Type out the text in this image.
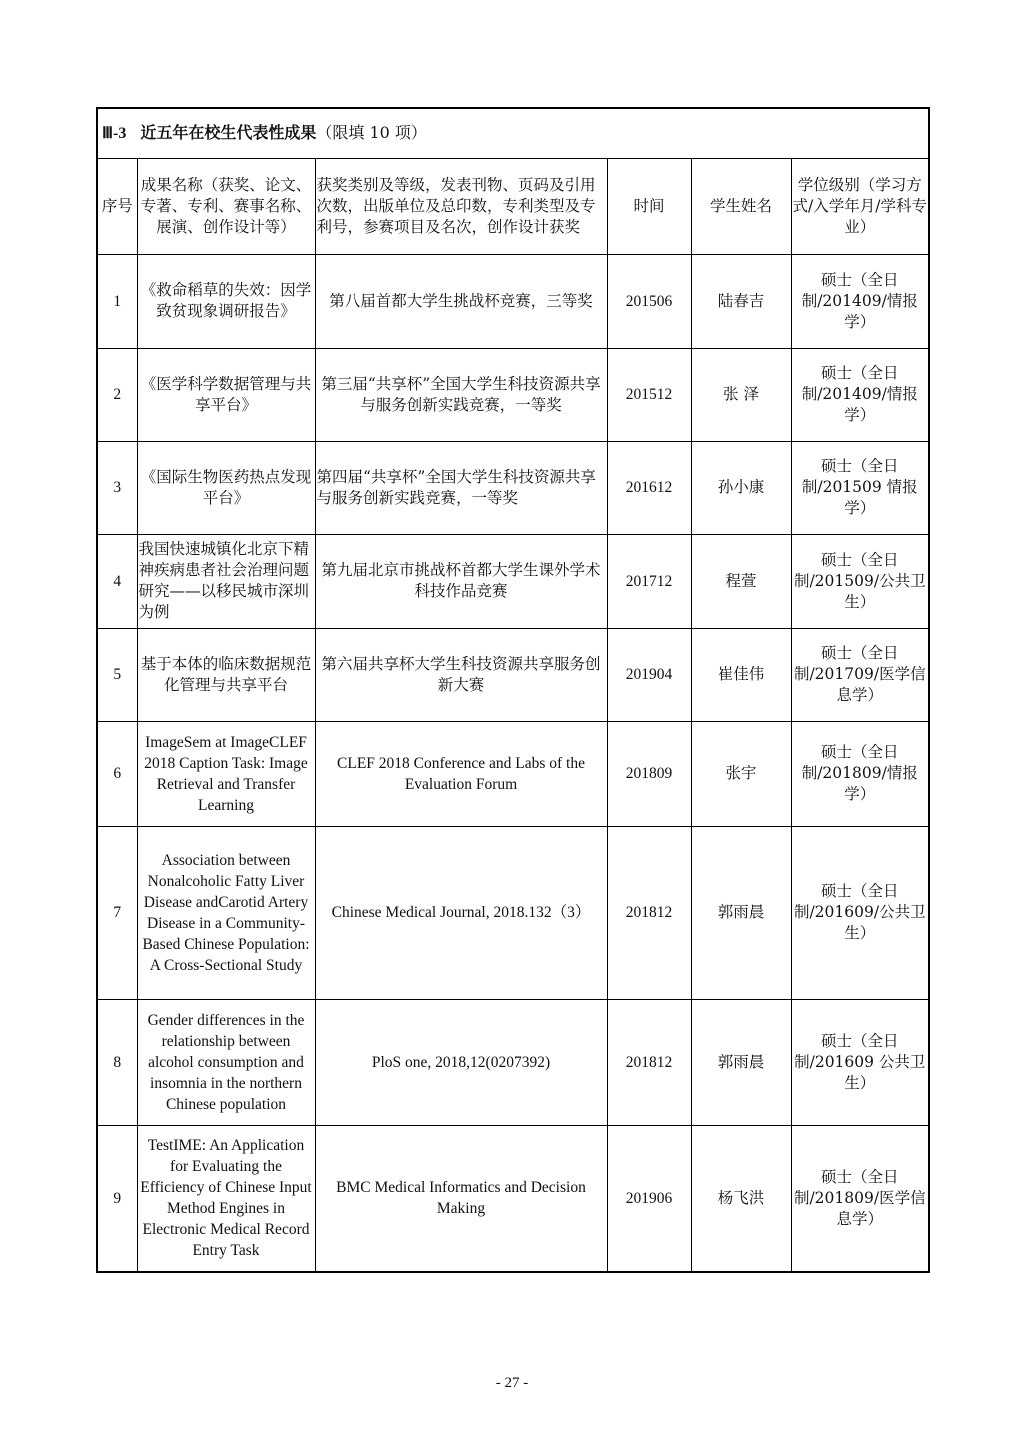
Ⅲ-3 近五年在校生代表性成果（限填 10 项）					
序号	成果名称（获奖、论文、专著、专利、赛事名称、展演、创作设计等）	获奖类别及等级，发表刊物、页码及引用次数，出版单位及总印数，专利类型及专利号，参赛项目及名次，创作设计获奖	时间	学生姓名	学位级别（学习方式/入学年月/学科专业）
1	《救命稻草的失效：因学致贫现象调研报告》	第八届首都大学生挑战杯竞赛，三等奖	201506	陆春吉	硕士（全日制/201409/情报学）
2	《医学科学数据管理与共享平台》	第三届“共享杯”全国大学生科技资源共享与服务创新实践竞赛，一等奖	201512	张 泽	硕士（全日制/201409/情报学）
3	《国际生物医药热点发现平台》	第四届“共享杯”全国大学生科技资源共享与服务创新实践竞赛，一等奖	201612	孙小康	硕士（全日制/201509 情报学）
4	我国快速城镇化北京下精神疾病患者社会治理问题研究——以移民城市深圳为例	第九届北京市挑战杯首都大学生课外学术科技作品竞赛	201712	程萱	硕士（全日制/201509/公共卫生）
5	基于本体的临床数据规范化管理与共享平台	第六届共享杯大学生科技资源共享服务创新大赛	201904	崔佳伟	硕士（全日制/201709/医学信息学）
6	ImageSem at ImageCLEF 2018 Caption Task: Image Retrieval and Transfer Learning	CLEF 2018 Conference and Labs of the Evaluation Forum	201809	张宇	硕士（全日制/201809/情报学）
7	Association between Nonalcoholic Fatty Liver Disease andCarotid Artery Disease in a Community-Based Chinese Population: A Cross-Sectional Study	Chinese Medical Journal, 2018.132（3）	201812	郭雨晨	硕士（全日制/201609/公共卫生）
8	Gender differences in the relationship between alcohol consumption and insomnia in the northern Chinese population	PloS one, 2018,12(0207392)	201812	郭雨晨	硕士（全日制/201609 公共卫生）
9	TestIME: An Application for Evaluating the Efficiency of Chinese Input Method Engines in Electronic Medical Record Entry Task	BMC Medical Informatics and Decision Making	201906	杨飞洪	硕士（全日制/201809/医学信息学）
- 27 -
